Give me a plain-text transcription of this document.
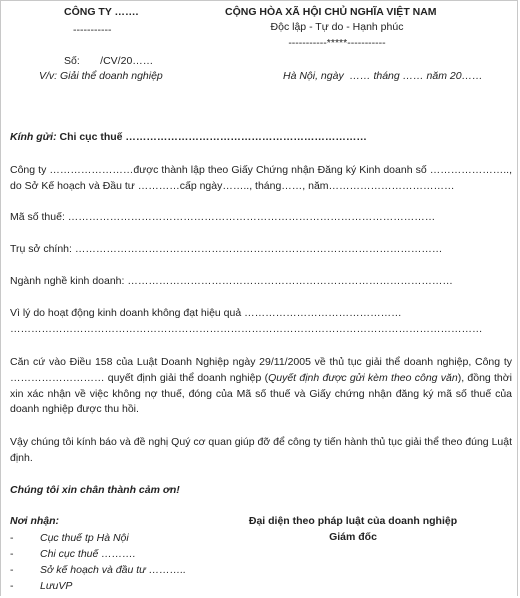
CÔNG TY …….
-----------
CỘNG HÒA XÃ HỘI CHỦ NGHĨA VIỆT NAM
Độc lập - Tự do - Hạnh phúc
-----------*****-----------
Số:       /CV/20……
V/v: Giải thể doanh nghiệp	Hà Nội, ngày  …… tháng …… năm 20……
Kính gửi: Chi cục thuế ……………………………………………………………
Công ty ……………………được thành lập theo Giấy Chứng nhận Đăng ký Kinh doanh số ………………….., do Sở Kế hoạch và Đầu tư …………cấp ngày…….., tháng……, năm………………………………
Mã số thuế: ……………………………………………………………………………………………
Trụ sở chính: ……………………………………………………………………………………………
Ngành nghề kinh doanh: …………………………………………………………………………………
Vì lý do hoạt động kinh doanh không đạt hiệu quả ………………………………………
………………………………………………………………………………………………………………………
Căn cứ vào Điều 158 của Luật Doanh Nghiệp ngày 29/11/2005 về thủ tục giải thể doanh nghiệp, Công ty ……………………… quyết định giải thể doanh nghiệp (Quyết định được gửi kèm theo công văn), đồng thời xin xác nhận về việc không nợ thuế, đóng của Mã số thuế và Giấy chứng nhận đăng ký mã số thuế của doanh nghiệp được thu hồi.
Vậy chúng tôi kính báo và đề nghị Quý cơ quan giúp đỡ để công ty tiến hành thủ tục giải thể theo đúng Luật định.
Chúng tôi xin chân thành cảm ơn!
Nơi nhận:
-	Cục thuế tp Hà Nội
-	Chi cục thuế ……….
-	Sở kế hoạch và đầu tư ………..
-	LưuVP
Đại diện theo pháp luật của doanh nghiệp
Giám đốc
